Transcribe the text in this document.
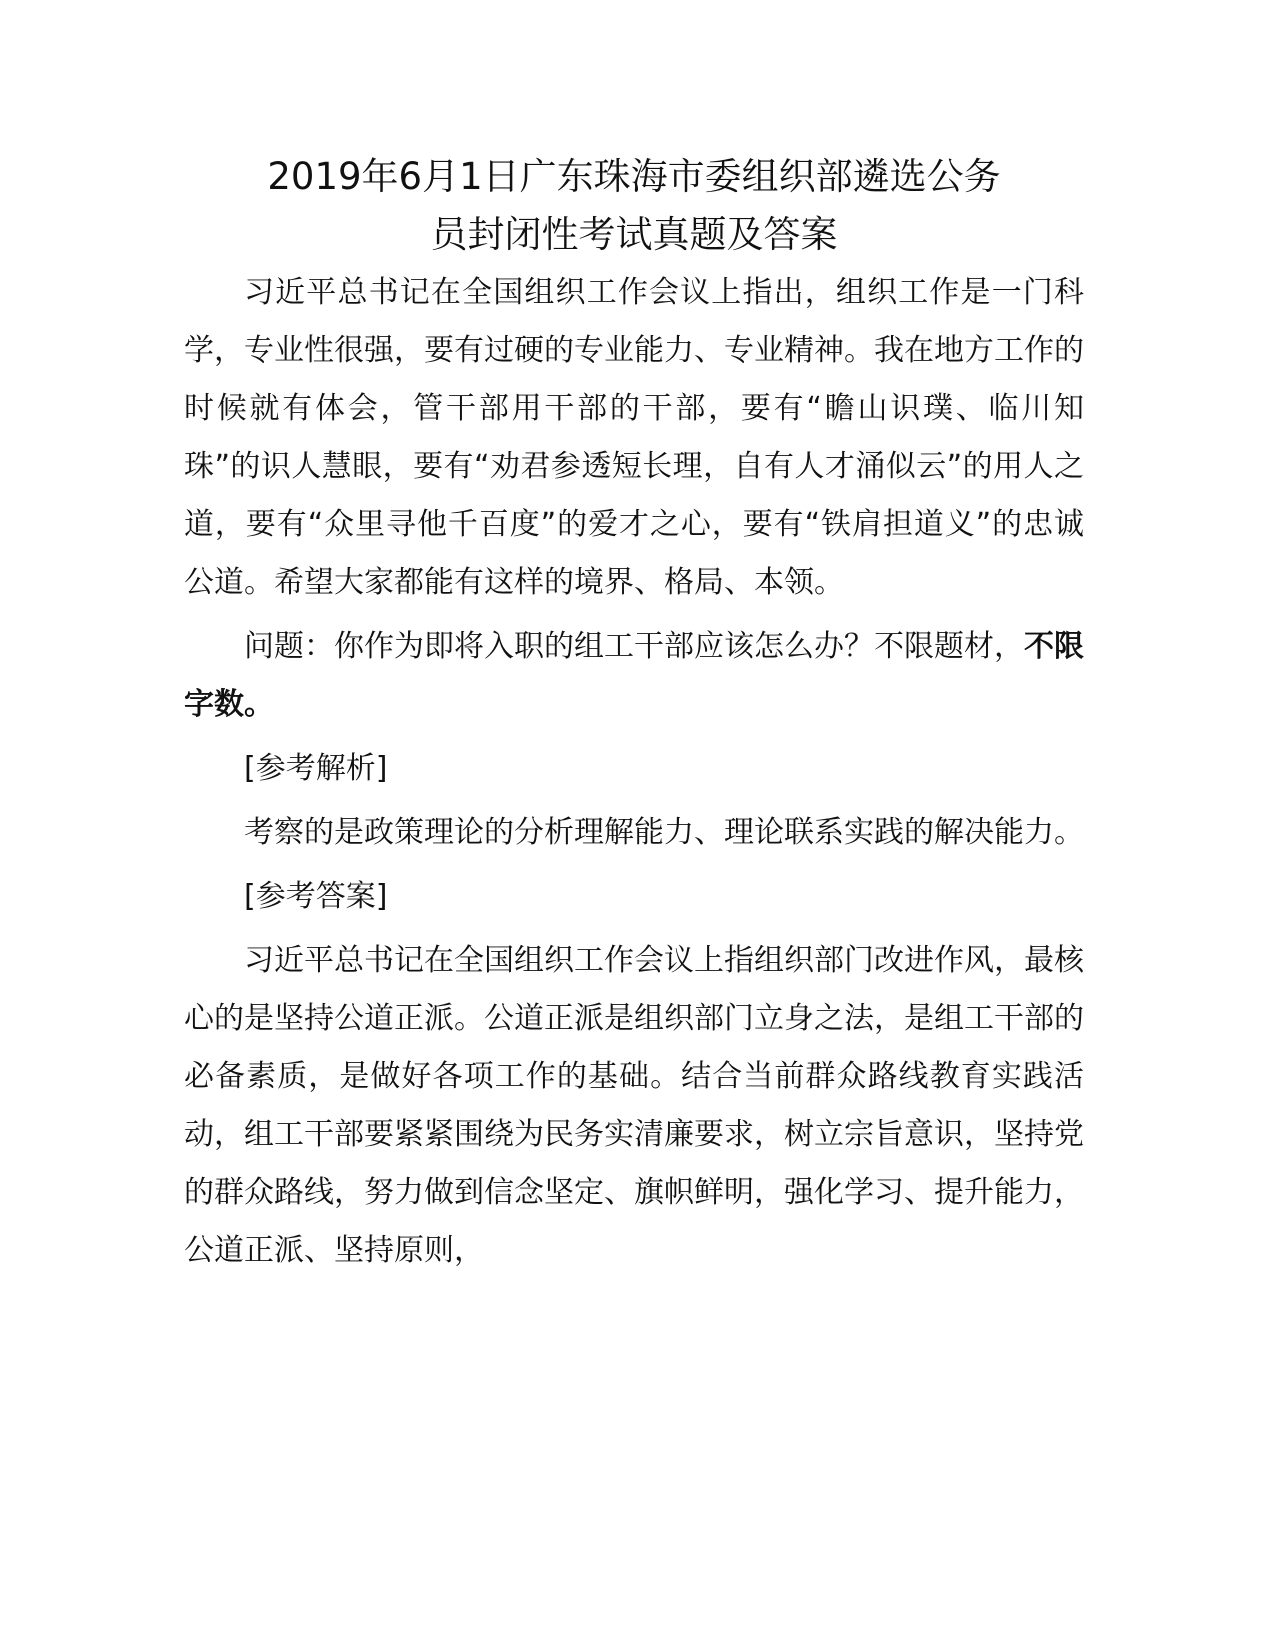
2019年6月1日广东珠海市委组织部遴选公务
员封闭性考试真题及答案

习近平总书记在全国组织工作会议上指出，组织工作是一门科学，专业性很强，要有过硬的专业能力、专业精神。我在地方工作的时候就有体会，管干部用干部的干部，要有“瞻山识璞、临川知珠”的识人慧眼，要有“劝君参透短长理，自有人才涌似云”的用人之道，要有“众里寻他千百度”的爱才之心，要有“铁肩担道义”的忠诚公道。希望大家都能有这样的境界、格局、本领。

问题：你作为即将入职的组工干部应该怎么办？不限题材，不限字数。

[参考解析]

考察的是政策理论的分析理解能力、理论联系实践的解决能力。

[参考答案]

习近平总书记在全国组织工作会议上指组织部门改进作风，最核心的是坚持公道正派。公道正派是组织部门立身之法，是组工干部的必备素质，是做好各项工作的基础。结合当前群众路线教育实践活动，组工干部要紧紧围绕为民务实清廉要求，树立宗旨意识，坚持党的群众路线，努力做到信念坚定、旗帜鲜明，强化学习、提升能力，公道正派、坚持原则，
